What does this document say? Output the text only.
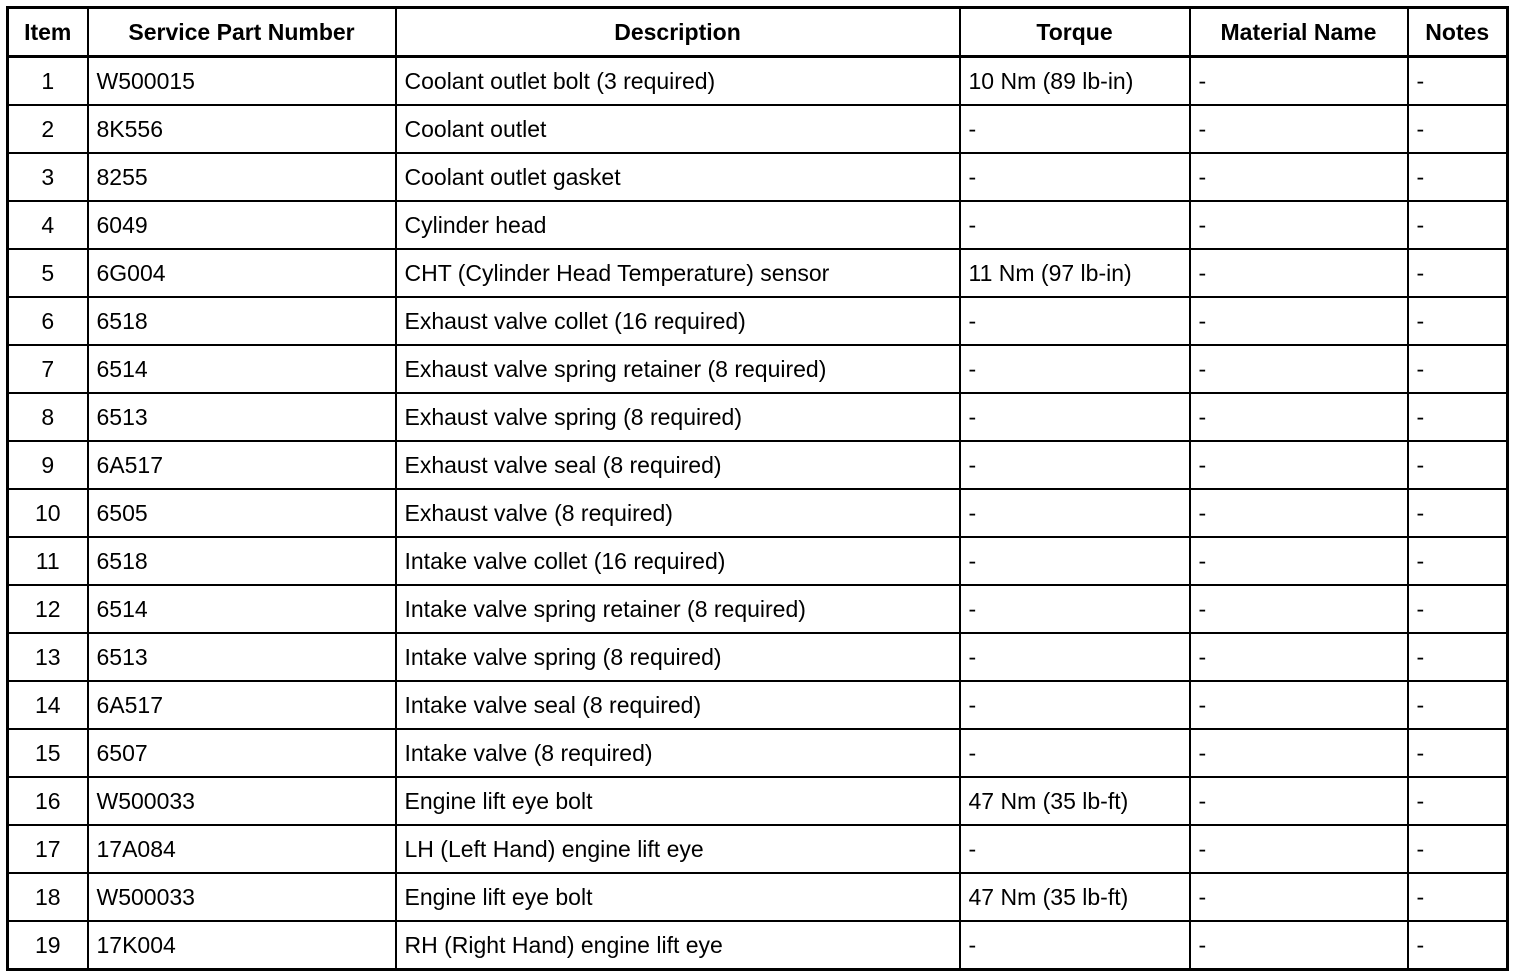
Item	Service Part Number	Description	Torque	Material Name	Notes
1	W500015	Coolant outlet bolt (3 required)	10 Nm (89 lb-in)	-	-
2	8K556	Coolant outlet	-	-	-
3	8255	Coolant outlet gasket	-	-	-
4	6049	Cylinder head	-	-	-
5	6G004	CHT (Cylinder Head Temperature) sensor	11 Nm (97 lb-in)	-	-
6	6518	Exhaust valve collet (16 required)	-	-	-
7	6514	Exhaust valve spring retainer (8 required)	-	-	-
8	6513	Exhaust valve spring (8 required)	-	-	-
9	6A517	Exhaust valve seal (8 required)	-	-	-
10	6505	Exhaust valve (8 required)	-	-	-
11	6518	Intake valve collet (16 required)	-	-	-
12	6514	Intake valve spring retainer (8 required)	-	-	-
13	6513	Intake valve spring (8 required)	-	-	-
14	6A517	Intake valve seal (8 required)	-	-	-
15	6507	Intake valve (8 required)	-	-	-
16	W500033	Engine lift eye bolt	47 Nm (35 lb-ft)	-	-
17	17A084	LH (Left Hand) engine lift eye	-	-	-
18	W500033	Engine lift eye bolt	47 Nm (35 lb-ft)	-	-
19	17K004	RH (Right Hand) engine lift eye	-	-	-
